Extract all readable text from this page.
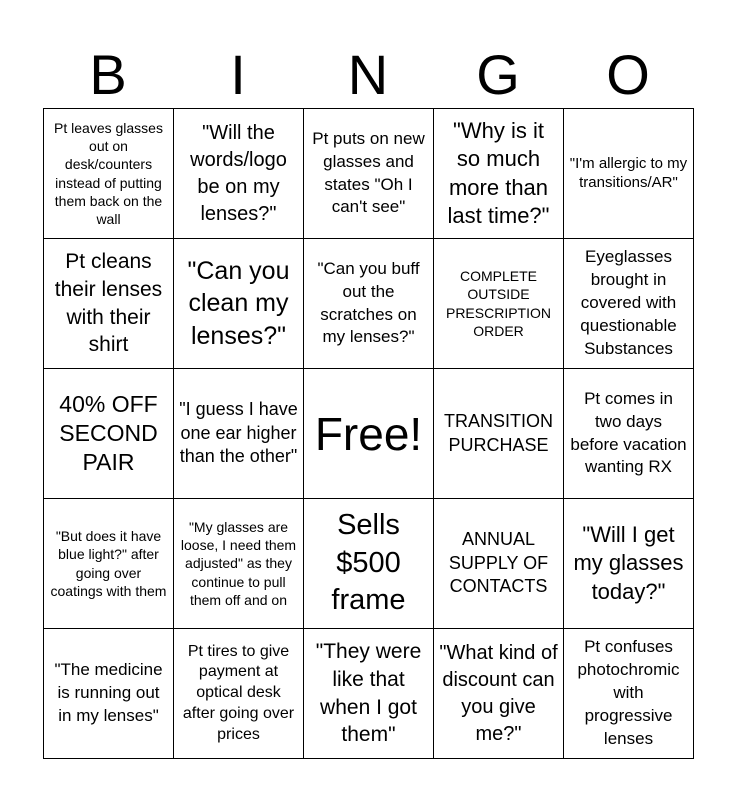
B	I	N	G	O
Pt leaves glasses out on desk/counters instead of putting them back on the wall	"Will the words/logo be on my lenses?"	Pt puts on new glasses and states "Oh I can't see"	"Why is it so much more than last time?"	"I'm allergic to my transitions/AR"
Pt cleans their lenses with their shirt	"Can you clean my lenses?"	"Can you buff out the scratches on my lenses?"	COMPLETE OUTSIDE PRESCRIPTION ORDER	Eyeglasses brought in covered with questionable Substances
40% OFF SECOND PAIR	"I guess I have one ear higher than the other"	Free!	TRANSITION PURCHASE	Pt comes in two days before vacation wanting RX
"But does it have blue light?" after going over coatings with them	"My glasses are loose, I need them adjusted" as they continue to pull them off and on	Sells $500 frame	ANNUAL SUPPLY OF CONTACTS	"Will I get my glasses today?"
"The medicine is running out in my lenses"	Pt tires to give payment at optical desk after going over prices	"They were like that when I got them"	"What kind of discount can you give me?"	Pt confuses photochromic with progressive lenses
